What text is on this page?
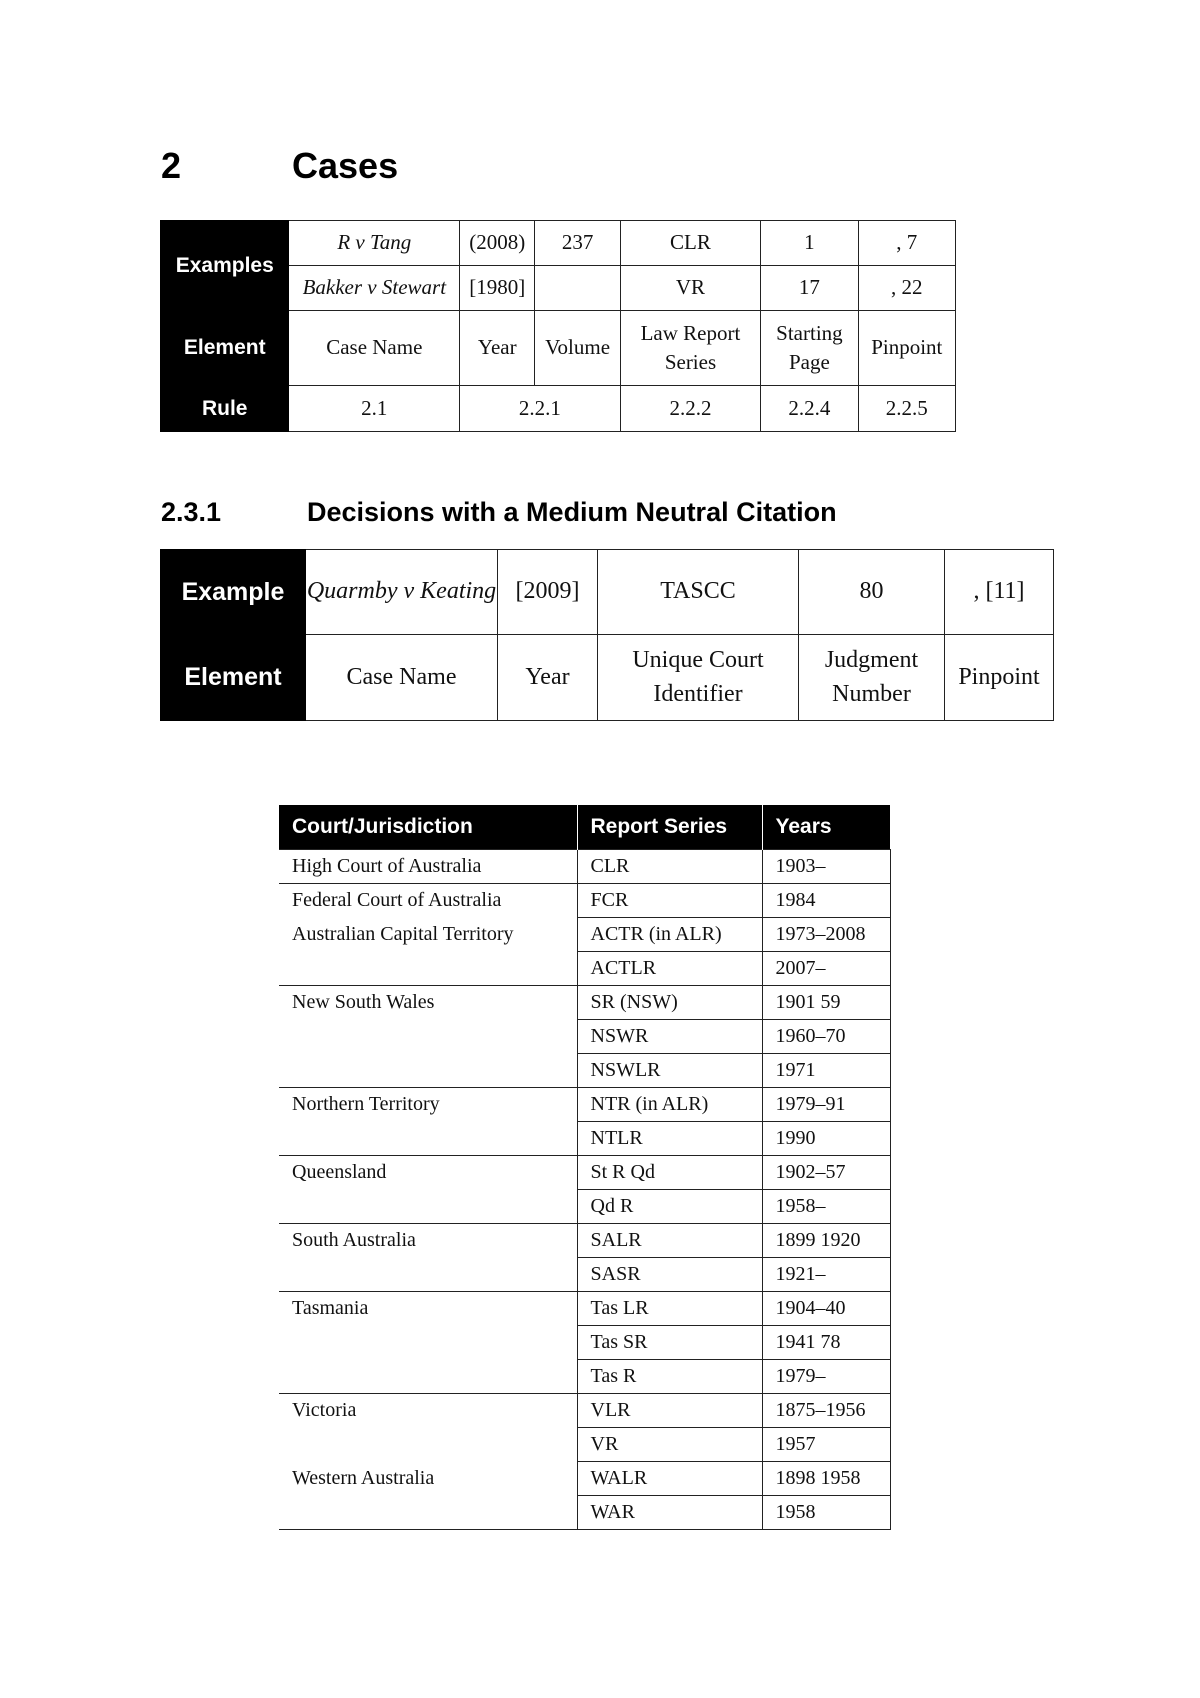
2	Cases
Examples	R v Tang	(2008)	237	CLR	1	, 7
	Bakker v Stewart	[1980]		VR	17	, 22
Element	Case Name	Year	Volume	Law Report Series	Starting Page	Pinpoint
Rule	2.1	2.2.1		2.2.2	2.2.4	2.2.5
2.3.1	Decisions with a Medium Neutral Citation
Example	Quarmby v Keating	[2009]	TASCC	80	, [11]
Element	Case Name	Year	Unique Court Identifier	Judgment Number	Pinpoint
Court/Jurisdiction	Report Series	Years
High Court of Australia	CLR	1903–
Federal Court of Australia	FCR	1984
Australian Capital Territory	ACTR (in ALR)	1973–2008
	ACTLR	2007–
New South Wales	SR (NSW)	1901 59
	NSWR	1960–70
	NSWLR	1971
Northern Territory	NTR (in ALR)	1979–91
	NTLR	1990
Queensland	St R Qd	1902–57
	Qd R	1958–
South Australia	SALR	1899 1920
	SASR	1921–
Tasmania	Tas LR	1904–40
	Tas SR	1941 78
	Tas R	1979–
Victoria	VLR	1875–1956
	VR	1957
Western Australia	WALR	1898 1958
	WAR	1958
